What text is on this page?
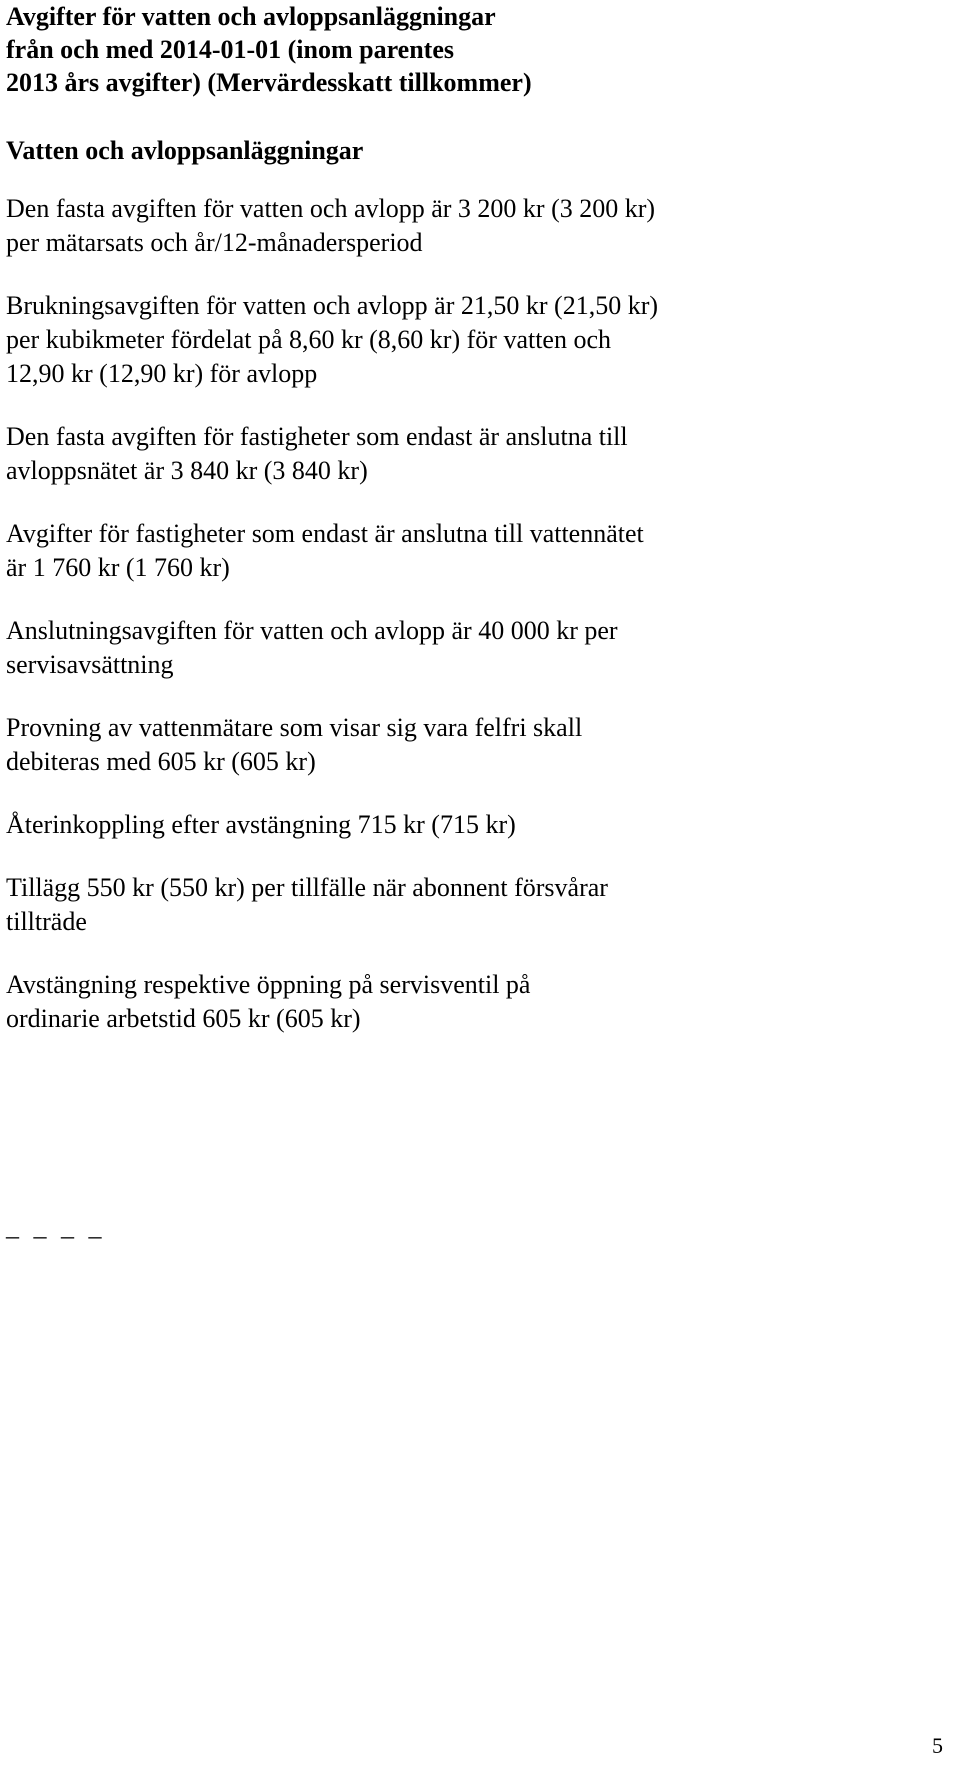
Avgifter för vatten och avloppsanläggningar
från och med 2014-01-01 (inom parentes
2013 års avgifter) (Mervärdesskatt tillkommer)
Vatten och avloppsanläggningar
Den fasta avgiften för vatten och avlopp är 3 200 kr (3 200 kr)
per mätarsats och år/12-månadersperiod
Brukningsavgiften för vatten och avlopp är 21,50 kr (21,50 kr)
per kubikmeter fördelat på 8,60 kr (8,60 kr) för vatten och
12,90 kr (12,90 kr) för avlopp
Den fasta avgiften för fastigheter som endast är anslutna till
avloppsnätet är 3 840 kr (3 840 kr)
Avgifter för fastigheter som endast är anslutna till vattennätet
är 1 760 kr (1 760 kr)
Anslutningsavgiften för vatten och avlopp är 40 000 kr per
servisavsättning
Provning av vattenmätare som visar sig vara felfri skall
debiteras med 605 kr (605 kr)
Återinkoppling efter avstängning 715 kr (715 kr)
Tillägg 550 kr (550 kr) per tillfälle när abonnent försvårar
tillträde
Avstängning respektive öppning på servisventil på
ordinarie arbetstid 605 kr (605 kr)
_ _ _ _
5
